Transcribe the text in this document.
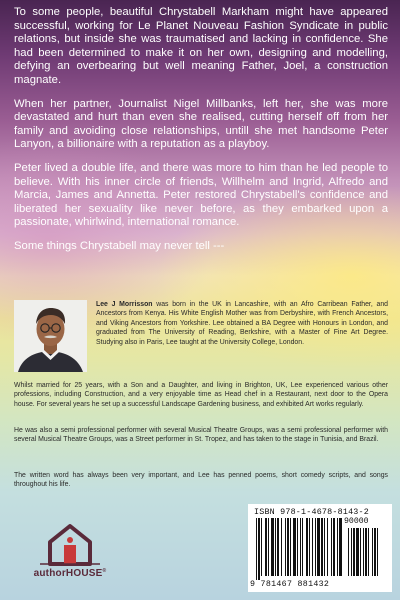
To some people, beautiful Chrystabell Markham might have appeared successful, working for Le Planet Nouveau Fashion Syndicate in public relations, but inside she was traumatised and lacking in confidence. She had been determined to make it on her own, designing and modelling, defying an overbearing but well meaning Father, Joel, a construction magnate.

When her partner, Journalist Nigel Millbanks, left her, she was more devastated and hurt than even she realised, cutting herself off from her family and avoiding close relationships, untill she met handsome Peter Lanyon, a billionaire with a reputation as a playboy.

Peter lived a double life, and there was more to him than he led people to believe. With his inner circle of friends, Willhelm and Ingrid, Alfredo and Marcia, James and Annetta. Peter restored Chrystabell's confidence and liberated her sexuality like never before, as they embarked upon a passionate, whirlwind, international romance.

Some things Chrystabell may never tell ---

Lee J Morrisson was born in the UK in Lancashire, with an Afro Carribean Father, and Ancestors from Kenya. His White English Mother was from Derbyshire, with French Ancestors, and Viking Ancestors from Yorkshire. Lee obtained a BA Degree with Honours in London, and graduated from The University of Reading, Berkshire, with a Master of Fine Art Degree. Studying also in Paris, Lee taught at the University College, London.

Whilst married for 25 years, with a Son and a Daughter, and living in Brighton, UK, Lee experienced various other professions, including Construction, and a very enjoyable time as Head chef in a Restaurant, next door to the Opera house. For several years he set up a successful Landscape Gardening business, and exhibited Art works regularly.

He was also a semi professional performer with several Musical Theatre Groups, was a semi professional performer with several Musical Theatre Groups, was a Street performer in St. Tropez, and has taken to the stage in Tunisia, and Brazil.

The written word has always been very important, and Lee has penned poems, short comedy scripts, and songs throughout his life.

authorHOUSE®
ISBN 978-1-4678-8143-2
90000
9 781467 881432
